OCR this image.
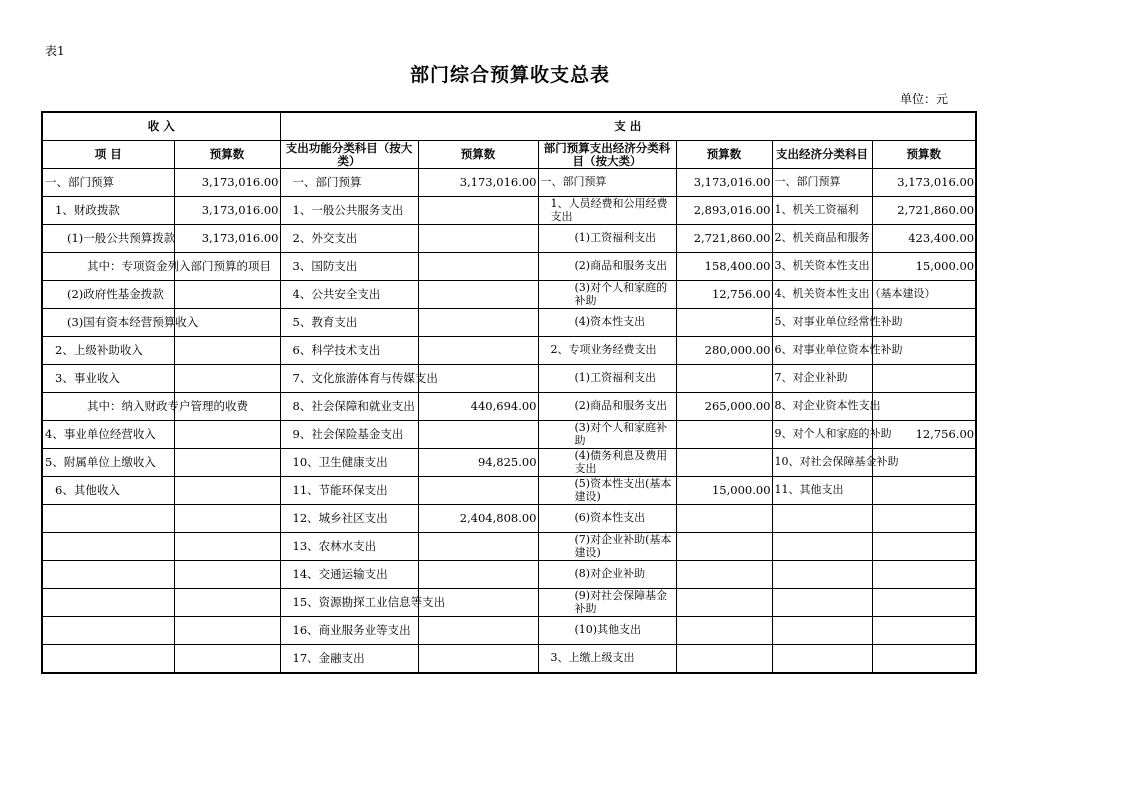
表1
部门综合预算收支总表
单位：元
收 入		支 出					
项 目	预算数	支出功能分类科目（按大类）	预算数	部门预算支出经济分类科目（按大类）	预算数	支出经济分类科目	预算数
一、部门预算	3,173,016.00	一、部门预算	3,173,016.00	一、部门预算	3,173,016.00	一、部门预算	3,173,016.00
1、财政拨款	3,173,016.00	1、一般公共服务支出		1、人员经费和公用经费支出	2,893,016.00	1、机关工资福利	2,721,860.00
(1)一般公共预算拨款	3,173,016.00	2、外交支出		(1)工资福利支出	2,721,860.00	2、机关商品和服务	423,400.00
其中：专项资金列入部门预算的项目		3、国防支出		(2)商品和服务支出	158,400.00	3、机关资本性支出	15,000.00
(2)政府性基金拨款		4、公共安全支出		(3)对个人和家庭的补助	12,756.00	4、机关资本性支出（基本建设）	
(3)国有资本经营预算收入		5、教育支出		(4)资本性支出		5、对事业单位经常性补助	
2、上级补助收入		6、科学技术支出		2、专项业务经费支出	280,000.00	6、对事业单位资本性补助	
3、事业收入		7、文化旅游体育与传媒支出		(1)工资福利支出		7、对企业补助	
其中：纳入财政专户管理的收费		8、社会保障和就业支出	440,694.00	(2)商品和服务支出	265,000.00	8、对企业资本性支出	
4、事业单位经营收入		9、社会保险基金支出		(3)对个人和家庭补助		9、对个人和家庭的补助	12,756.00
5、附属单位上缴收入		10、卫生健康支出	94,825.00	(4)债务利息及费用支出		10、对社会保障基金补助	
6、其他收入		11、节能环保支出		(5)资本性支出(基本建设)	15,000.00	11、其他支出	
		12、城乡社区支出	2,404,808.00	(6)资本性支出			
		13、农林水支出		(7)对企业补助(基本建设)			
		14、交通运输支出		(8)对企业补助			
		15、资源勘探工业信息等支出		(9)对社会保障基金补助			
		16、商业服务业等支出		(10)其他支出			
		17、金融支出		3、上缴上级支出			
